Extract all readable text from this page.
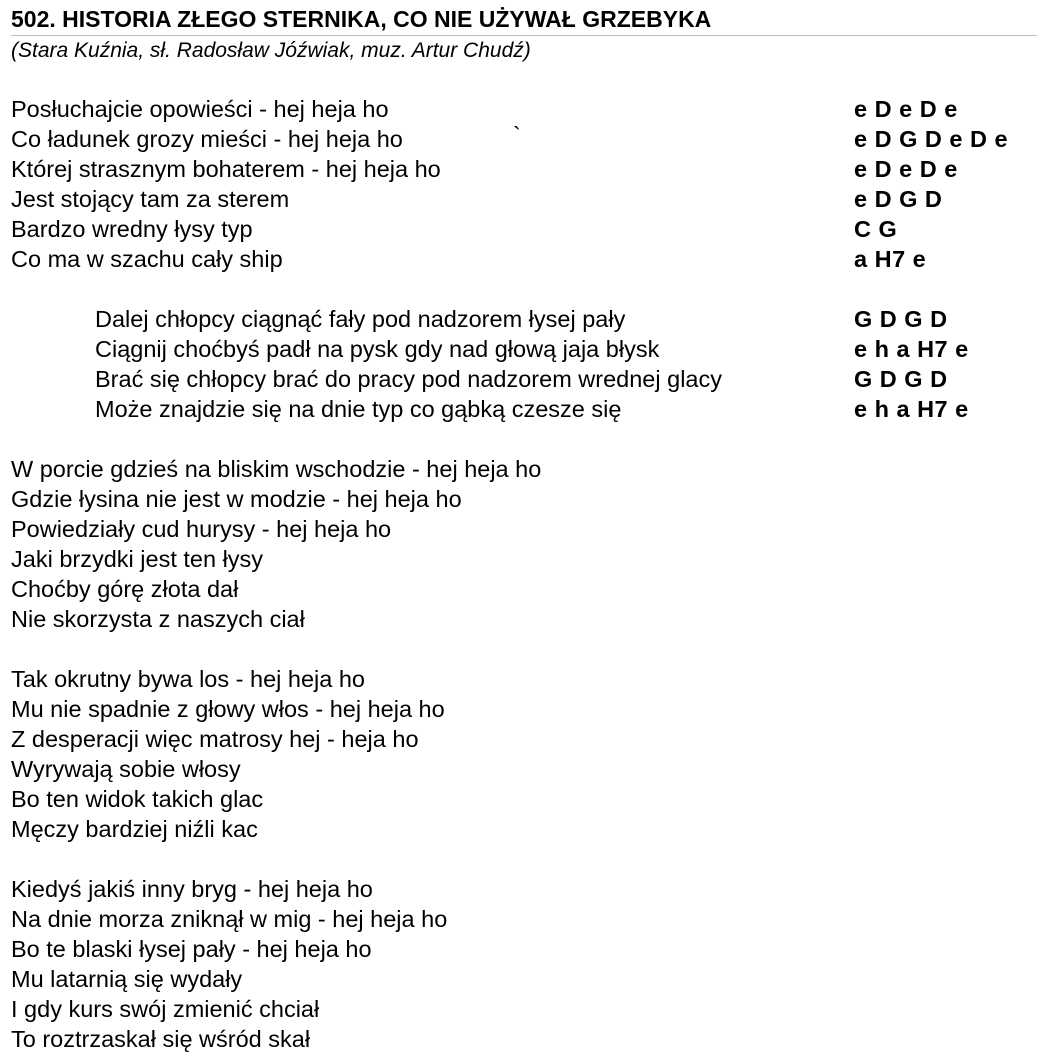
502. HISTORIA ZŁEGO STERNIKA, CO NIE UŻYWAŁ GRZEBYKA
(Stara Kuźnia, sł. Radosław Jóźwiak, muz. Artur Chudź)
Posłuchajcie opowieści - hej heja ho	e D e D e
Co ładunek grozy mieści - hej heja ho	`	e D G D e D e
Której strasznym bohaterem - hej heja ho	e D e D e
Jest stojący tam za sterem	e D G D
Bardzo wredny łysy typ	C G
Co ma w szachu cały ship	a H7 e
Dalej chłopcy ciągnąć fały pod nadzorem łysej pały	G D G D
Ciągnij choćbyś padł na pysk gdy nad głową jaja błysk	e h a H7 e
Brać się chłopcy brać do pracy pod nadzorem wrednej glacy	G D G D
Może znajdzie się na dnie typ co gąbką czesze się	e h a H7 e
W porcie gdzieś na bliskim wschodzie - hej heja ho
Gdzie łysina nie jest w modzie - hej heja ho
Powiedziały cud hurysy - hej heja ho
Jaki brzydki jest ten łysy
Choćby górę złota dał
Nie skorzysta z naszych ciał
Tak okrutny bywa los - hej heja ho
Mu nie spadnie z głowy włos - hej heja ho
Z desperacji więc matrosy hej - heja ho
Wyrywają sobie włosy
Bo ten widok takich glac
Męczy bardziej niźli kac
Kiedyś jakiś inny bryg - hej heja ho
Na dnie morza zniknął w mig - hej heja ho
Bo te blaski łysej pały - hej heja ho
Mu latarnią się wydały
I gdy kurs swój zmienić chciał
To roztrzaskał się wśród skał
